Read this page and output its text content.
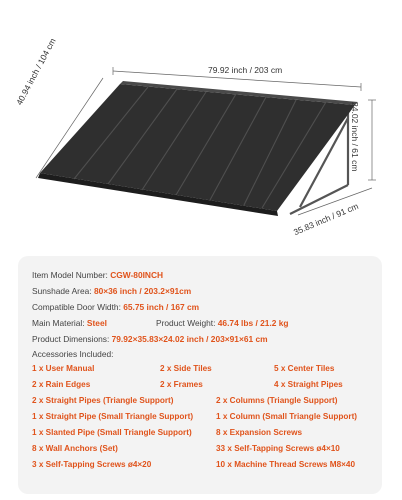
79.92 inch / 203 cm
40.94 inch / 104 cm
24.02 inch / 61 cm
35.83 inch / 91 cm
Item Model Number: CGW-80INCH
Sunshade Area: 80×36 inch / 203.2×91cm
Compatible Door Width: 65.75 inch / 167 cm
Main Material: Steel	Product Weight: 46.74 lbs / 21.2 kg
Product Dimensions: 79.92×35.83×24.02 inch / 203×91×61 cm
Accessories Included:
1 x User Manual	2 x Side Tiles	5 x Center Tiles
2 x Rain Edges	2 x Frames	4 x Straight Pipes
2 x Straight Pipes (Triangle Support)	2 x Columns (Triangle Support)
1 x Straight Pipe (Small Triangle Support)	1 x Column (Small Triangle Support)
1 x Slanted Pipe (Small Triangle Support)	8 x Expansion Screws
8 x Wall Anchors (Set)	33 x Self-Tapping Screws ø4×10
3 x Self-Tapping Screws ø4×20	10 x Machine Thread Screws M8×40
